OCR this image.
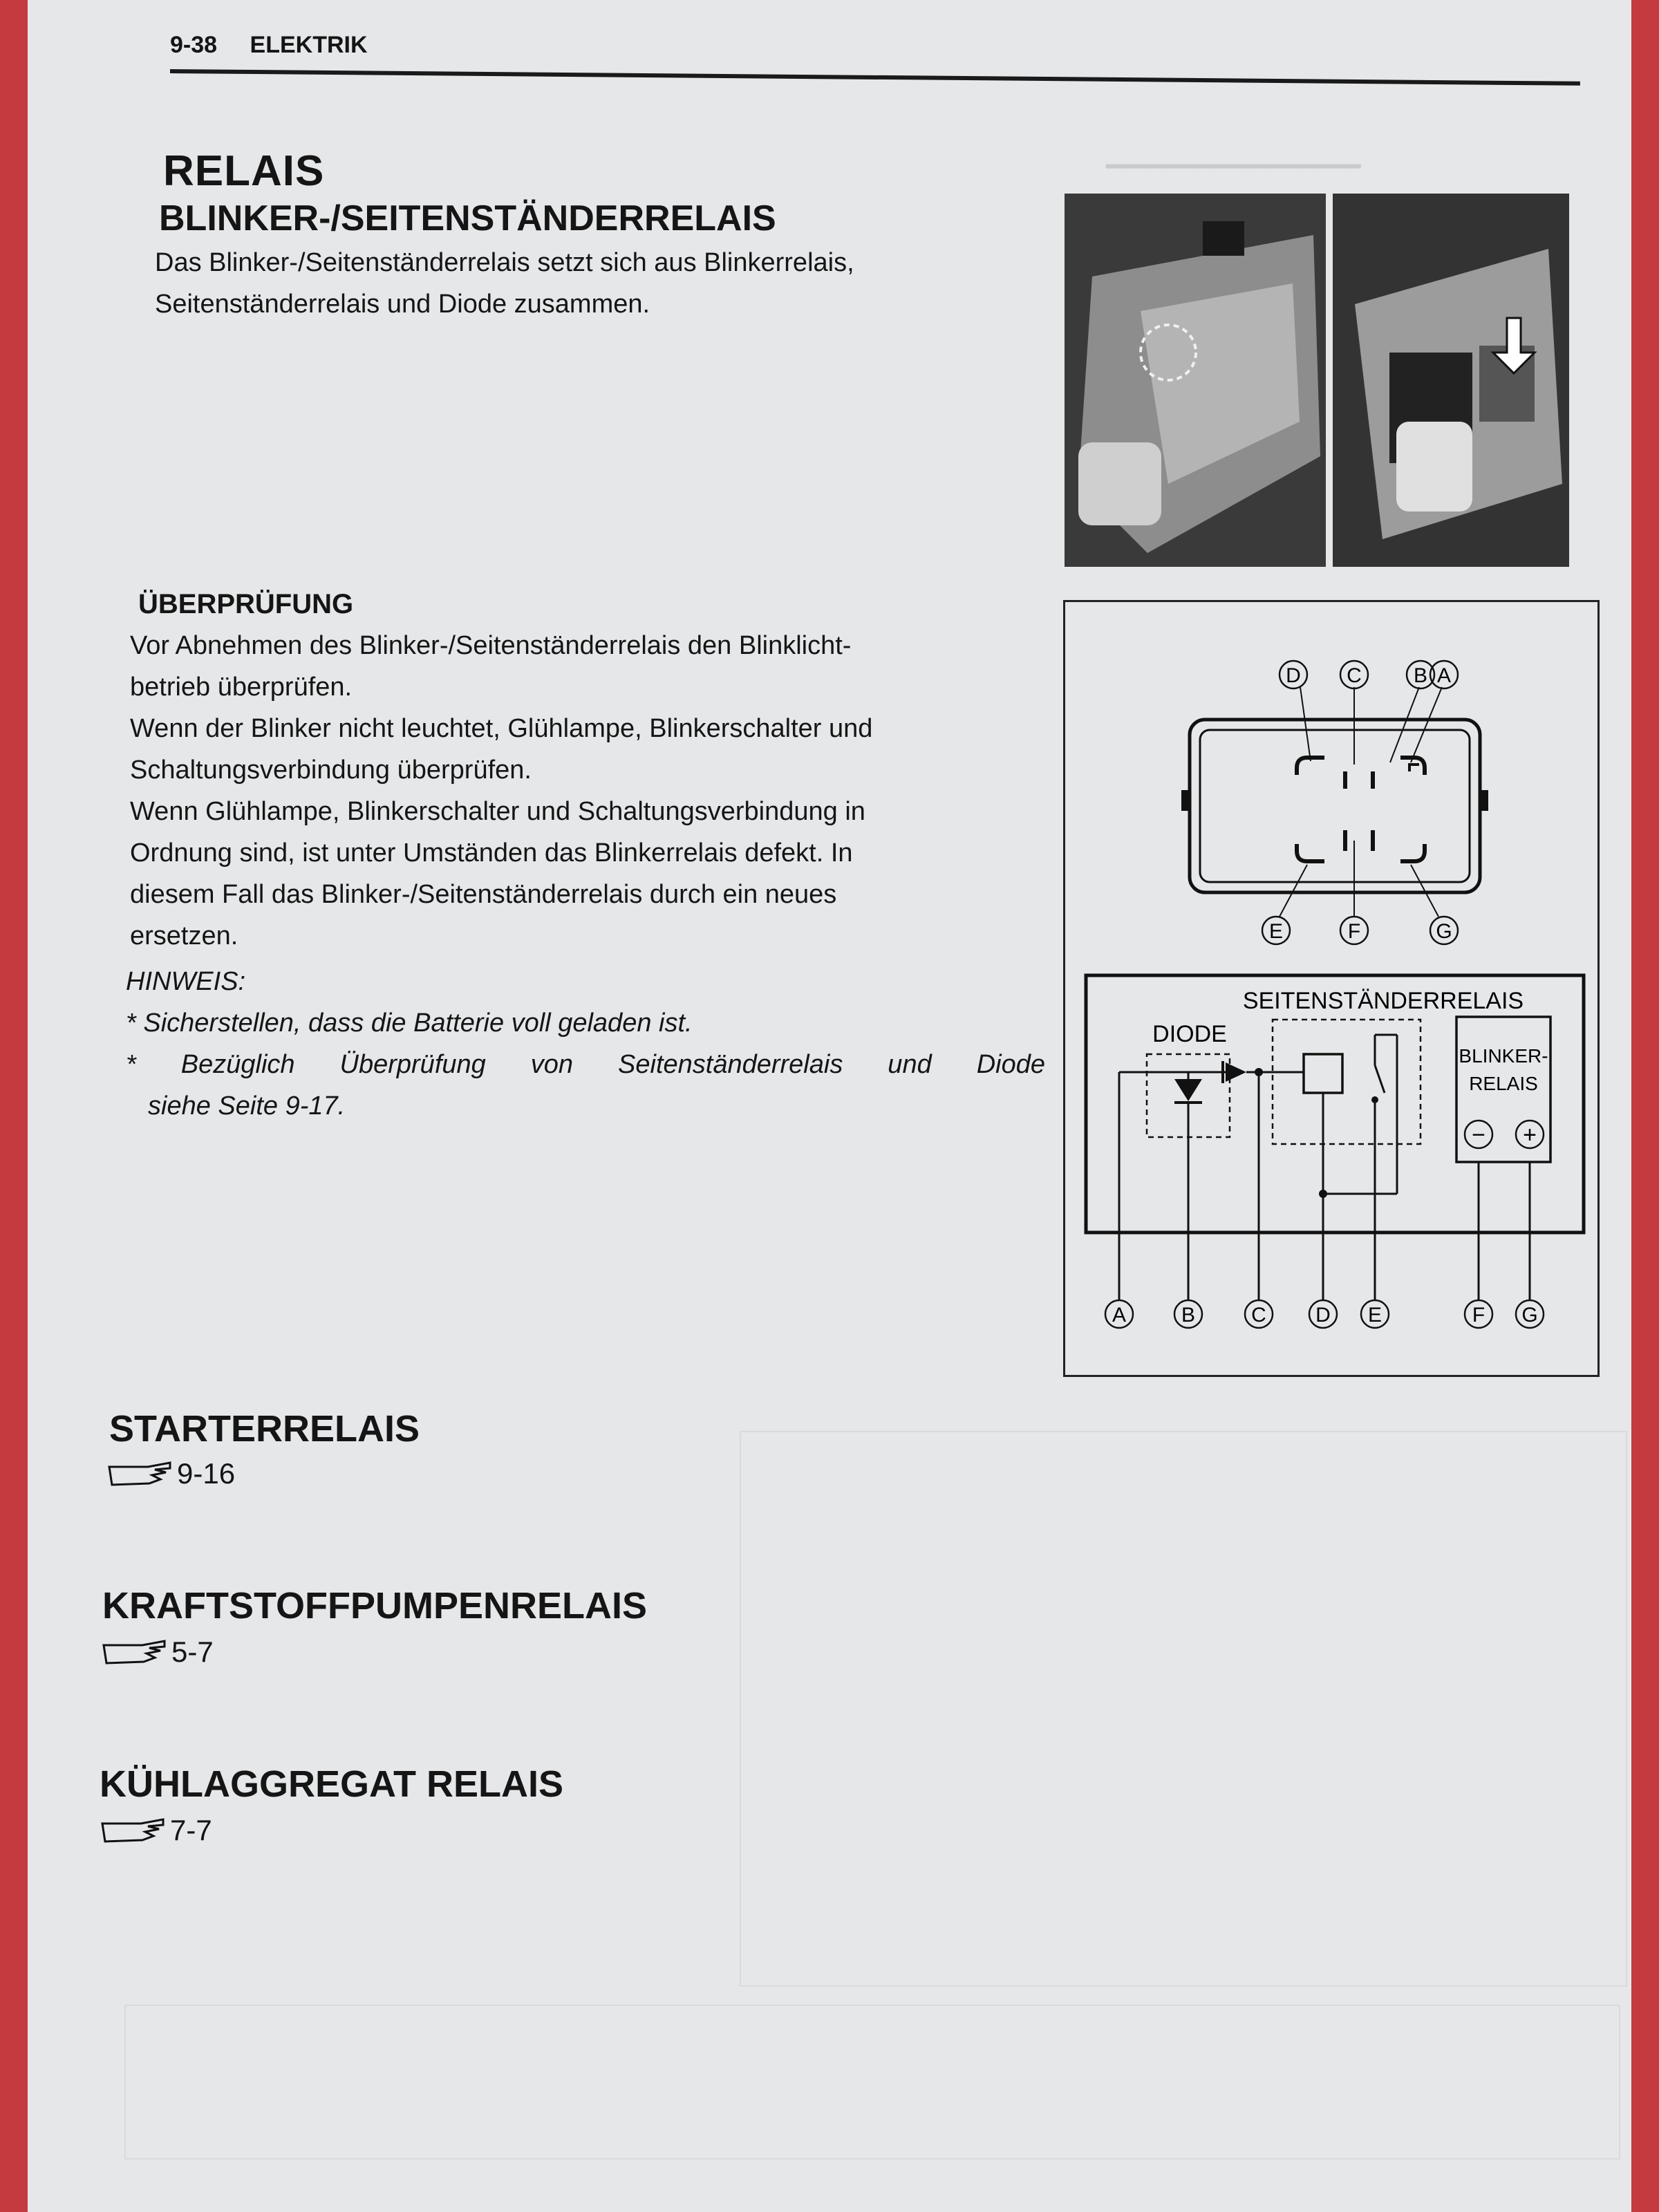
━━━━━━━━━━━━━━━━━
9-38 ELEKTRIK
RELAIS
BLINKER-/SEITENSTÄNDERRELAIS
Das Blinker-/Seitenständerrelais setzt sich aus Blinkerrelais,
Seitenständerrelais und Diode zusammen.
ÜBERPRÜFUNG
Vor Abnehmen des Blinker-/Seitenständerrelais den Blinklicht-
betrieb überprüfen.
Wenn der Blinker nicht leuchtet, Glühlampe, Blinkerschalter und
Schaltungsverbindung überprüfen.
Wenn Glühlampe, Blinkerschalter und Schaltungsverbindung in
Ordnung sind, ist unter Umständen das Blinkerrelais defekt. In
diesem Fall das Blinker-/Seitenständerrelais durch ein neues
ersetzen.
HINWEIS:
* Sicherstellen, dass die Batterie voll geladen ist.
* Bezüglich Überprüfung von Seitenständerrelais und Diode
siehe Seite 9-17.
D C	B A
E	F	G
SEITENSTÄNDERRELAIS
DIODE
BLINKER-
RELAIS
− +
A	B	C D E	F G
STARTERRELAIS
9-16
KRAFTSTOFFPUMPENRELAIS
5-7
KÜHLAGGREGAT RELAIS
7-7
